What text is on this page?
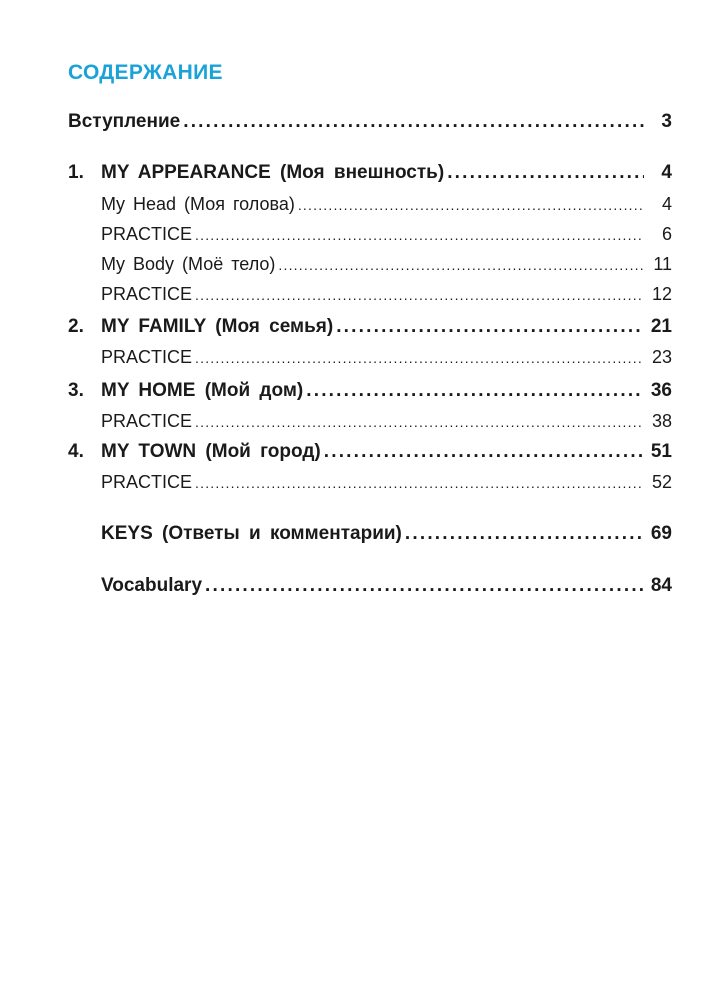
СОДЕРЖАНИЕ
Вступление .....	3
1. MY APPEARANCE (Моя внешность) .....	4
My Head (Моя голова) .....	4
PRACTICE .....	6
My Body (Моё тело) .....	11
PRACTICE .....	12
2. MY FAMILY (Моя семья) .....	21
PRACTICE .....	23
3. MY HOME (Мой дом) .....	36
PRACTICE .....	38
4. MY TOWN (Мой город) .....	51
PRACTICE .....	52
KEYS (Ответы и комментарии) .....	69
Vocabulary .....	84
